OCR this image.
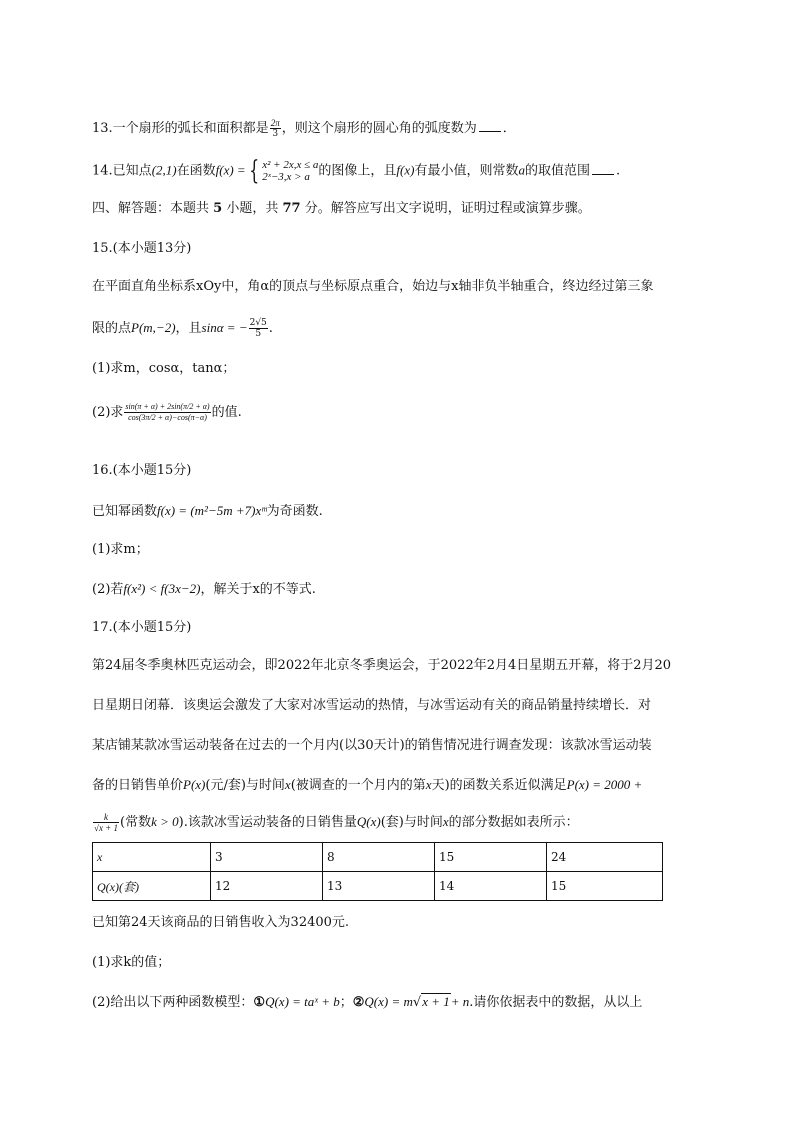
13.一个扇形的弧长和面积都是 $\frac{2\pi}{3}$ ，则这个扇形的圆心角的弧度数为 ．
14.已知点(2,1)在函数f(x) = { x² + 2x,x ≤ a
2ˣ−3,x > a 的图像上，且f(x)有最小值，则常数a的取值范围 .
四、解答题：本题共 5 小题，共 77 分。解答应写出文字说明，证明过程或演算步骤。
15.(本小题13分)
在平面直角坐标系xOy中，角α的顶点与坐标原点重合，始边与x轴非负半轴重合，终边经过第三象
限的点P(m,−2)，且sinα = − $\frac{2√5}{5}$ .
(1)求m，cosα，tanα；
(2)求 $\frac{\sin(\pi + \alpha) + 2\sin(\pi/2 + \alpha)}{\cos(3\pi/2 + \alpha)-\cos(\pi-\alpha)}$ 的值.
16.(本小题15分)
已知幂函数f(x) = (m²−5m +7)xᵐ为奇函数.
(1)求m；
(2)若f(x²) < f(3x−2)，解关于x的不等式.
17.(本小题15分)
第24届冬季奥林匹克运动会，即2022年北京冬季奥运会，于2022年2月4日星期五开幕，将于2月20
日星期日闭幕．该奥运会激发了大家对冰雪运动的热情，与冰雪运动有关的商品销量持续增长．对
某店铺某款冰雪运动装备在过去的一个月内(以30天计)的销售情况进行调查发现：该款冰雪运动装
备的日销售单价P(x)(元/套)与时间x(被调查的一个月内的第x天)的函数关系近似满足P(x) = 2000 +
$\frac{k}{√x + 1}$ (常数k > 0).该款冰雪运动装备的日销售量Q(x)(套)与时间x的部分数据如表所示：
x	3	8	15	24
Q(x)(套)	12	13	14	15
已知第24天该商品的日销售收入为32400元.
(1)求k的值；
(2)给出以下两种函数模型：①Q(x) = taˣ + b；②Q(x) = m√x + 1+ n.请你依据表中的数据，从以上
